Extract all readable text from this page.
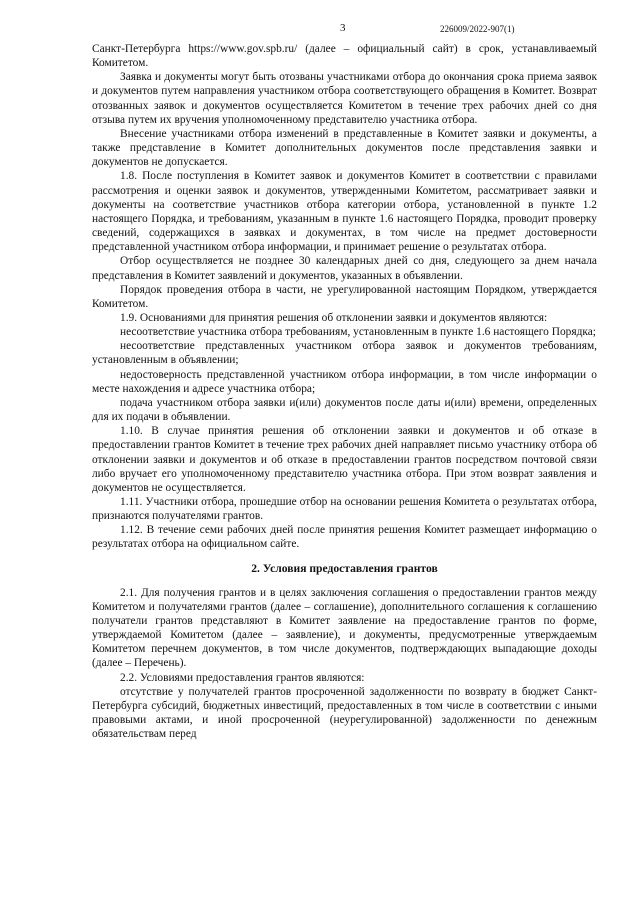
3	226009/2022-907(1)

Санкт-Петербурга https://www.gov.spb.ru/ (далее – официальный сайт) в срок, устанавливаемый Комитетом.

Заявка и документы могут быть отозваны участниками отбора до окончания срока приема заявок и документов путем направления участником отбора соответствующего обращения в Комитет. Возврат отозванных заявок и документов осуществляется Комитетом в течение трех рабочих дней со дня отзыва путем их вручения уполномоченному представителю участника отбора.

Внесение участниками отбора изменений в представленные в Комитет заявки и документы, а также представление в Комитет дополнительных документов после представления заявки и документов не допускается.

1.8. После поступления в Комитет заявок и документов Комитет в соответствии с правилами рассмотрения и оценки заявок и документов, утвержденными Комитетом, рассматривает заявки и документы на соответствие участников отбора категории отбора, установленной в пункте 1.2 настоящего Порядка, и требованиям, указанным в пункте 1.6 настоящего Порядка, проводит проверку сведений, содержащихся в заявках и документах, в том числе на предмет достоверности представленной участником отбора информации, и принимает решение о результатах отбора.

Отбор осуществляется не позднее 30 календарных дней со дня, следующего за днем начала представления в Комитет заявлений и документов, указанных в объявлении.

Порядок проведения отбора в части, не урегулированной настоящим Порядком, утверждается Комитетом.

1.9. Основаниями для принятия решения об отклонении заявки и документов являются:

несоответствие участника отбора требованиям, установленным в пункте 1.6 настоящего Порядка;

несоответствие представленных участником отбора заявок и документов требованиям, установленным в объявлении;

недостоверность представленной участником отбора информации, в том числе информации о месте нахождения и адресе участника отбора;

подача участником отбора заявки и(или) документов после даты и(или) времени, определенных для их подачи в объявлении.

1.10. В случае принятия решения об отклонении заявки и документов и об отказе в предоставлении грантов Комитет в течение трех рабочих дней направляет письмо участнику отбора об отклонении заявки и документов и об отказе в предоставлении грантов посредством почтовой связи либо вручает его уполномоченному представителю участника отбора. При этом возврат заявления и документов не осуществляется.

1.11. Участники отбора, прошедшие отбор на основании решения Комитета о результатах отбора, признаются получателями грантов.

1.12. В течение семи рабочих дней после принятия решения Комитет размещает информацию о результатах отбора на официальном сайте.

2. Условия предоставления грантов

2.1. Для получения грантов и в целях заключения соглашения о предоставлении грантов между Комитетом и получателями грантов (далее – соглашение), дополнительного соглашения к соглашению получатели грантов представляют в Комитет заявление на предоставление грантов по форме, утверждаемой Комитетом (далее – заявление), и документы, предусмотренные утверждаемым Комитетом перечнем документов, в том числе документов, подтверждающих выпадающие доходы (далее – Перечень).

2.2. Условиями предоставления грантов являются:

отсутствие у получателей грантов просроченной задолженности по возврату в бюджет Санкт-Петербурга субсидий, бюджетных инвестиций, предоставленных в том числе в соответствии с иными правовыми актами, и иной просроченной (неурегулированной) задолженности по денежным обязательствам перед
